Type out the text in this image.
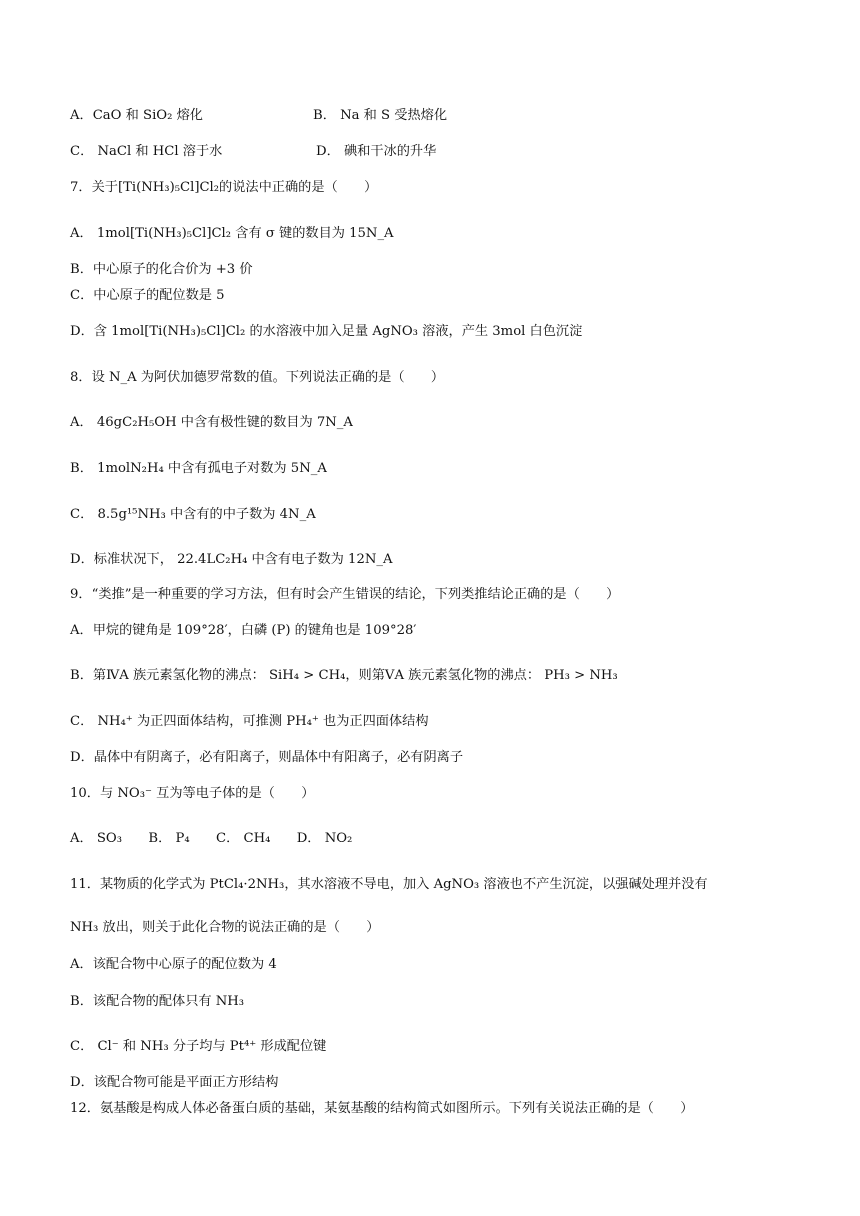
A．CaO 和 SiO₂ 熔化	B． Na 和 S 受热熔化
C． NaCl 和 HCl 溶于水	D． 碘和干冰的升华
7．关于[Ti(NH₃)₅Cl]Cl₂的说法中正确的是（　　）
A． 1mol[Ti(NH₃)₅Cl]Cl₂ 含有 σ 键的数目为 15N_A
B．中心原子的化合价为 +3 价
C．中心原子的配位数是 5
D．含 1mol[Ti(NH₃)₅Cl]Cl₂ 的水溶液中加入足量 AgNO₃ 溶液，产生 3mol 白色沉淀
8．设 N_A 为阿伏加德罗常数的值。下列说法正确的是（　　）
A． 46gC₂H₅OH 中含有极性键的数目为 7N_A
B． 1molN₂H₄ 中含有孤电子对数为 5N_A
C． 8.5g¹⁵NH₃ 中含有的中子数为 4N_A
D．标准状况下， 22.4LC₂H₄ 中含有电子数为 12N_A
9．“类推”是一种重要的学习方法，但有时会产生错误的结论，下列类推结论正确的是（　　）
A．甲烷的键角是 109°28′，白磷 (P) 的键角也是 109°28′
B．第ⅣA 族元素氢化物的沸点： SiH₄ > CH₄，则第ⅤA 族元素氢化物的沸点： PH₃ > NH₃
C． NH₄⁺ 为正四面体结构，可推测 PH₄⁺ 也为正四面体结构
D．晶体中有阴离子，必有阳离子，则晶体中有阳离子，必有阴离子
10．与 NO₃⁻ 互为等电子体的是（　　）
A． SO₃　　B． P₄　　C． CH₄　　D． NO₂
11．某物质的化学式为 PtCl₄·2NH₃，其水溶液不导电，加入 AgNO₃ 溶液也不产生沉淀，以强碱处理并没有
NH₃ 放出，则关于此化合物的说法正确的是（　　）
A．该配合物中心原子的配位数为 4
B．该配合物的配体只有 NH₃
C． Cl⁻ 和 NH₃ 分子均与 Pt⁴⁺ 形成配位键
D．该配合物可能是平面正方形结构
12．氨基酸是构成人体必备蛋白质的基础，某氨基酸的结构简式如图所示。下列有关说法正确的是（　　）
